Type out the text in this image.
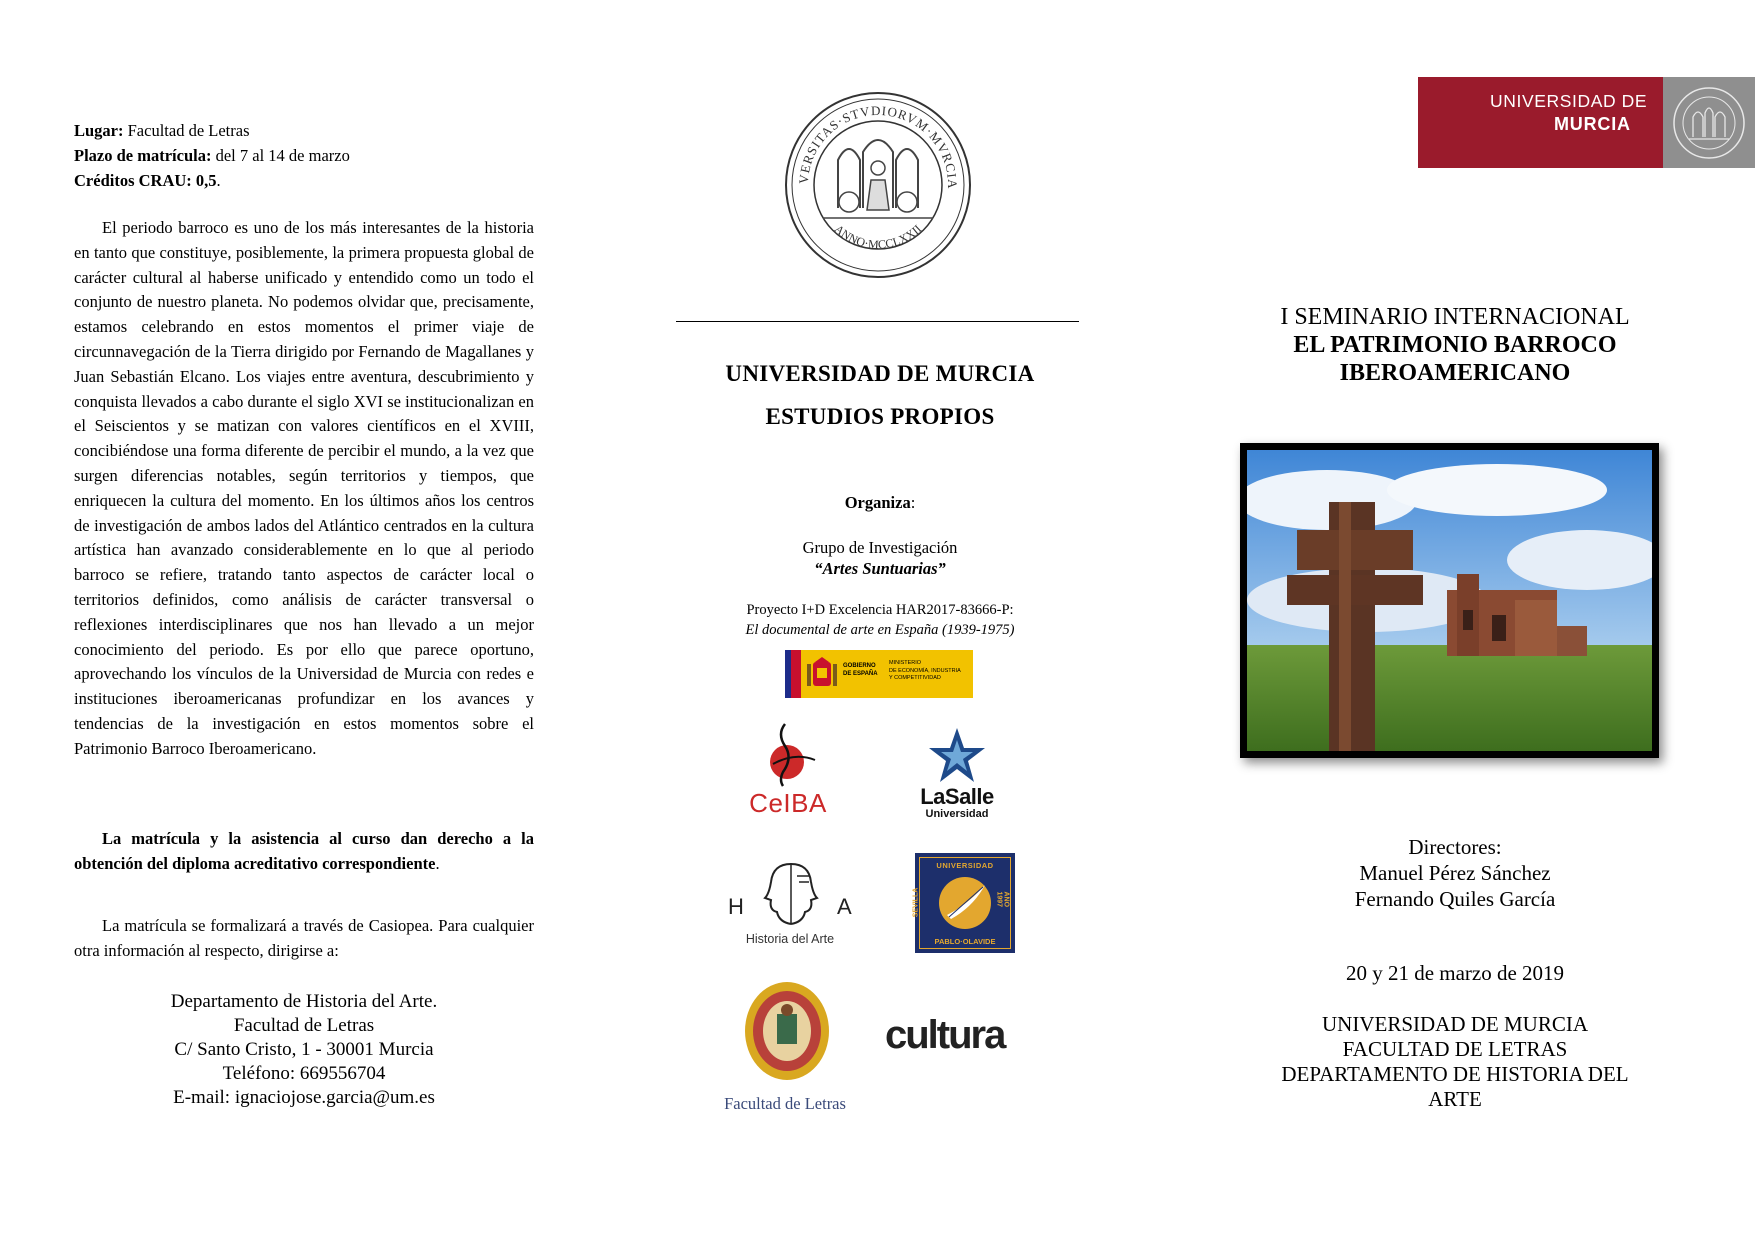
Lugar: Facultad de Letras
Plazo de matrícula: del 7 al 14 de marzo
Créditos CRAU: 0,5.

El periodo barroco es uno de los más interesantes de la historia en tanto que constituye, posiblemente, la primera propuesta global de carácter cultural al haberse unificado y entendido como un todo el conjunto de nuestro planeta. No podemos olvidar que, precisamente, estamos celebrando en estos momentos el primer viaje de circunnavegación de la Tierra dirigido por Fernando de Magallanes y Juan Sebastián Elcano. Los viajes entre aventura, descubrimiento y conquista llevados a cabo durante el siglo XVI se institucionalizan en el Seiscientos y se matizan con valores científicos en el XVIII, concibiéndose una forma diferente de percibir el mundo, a la vez que surgen diferencias notables, según territorios y tiempos, que enriquecen la cultura del momento. En los últimos años los centros de investigación de ambos lados del Atlántico centrados en la cultura artística han avanzado considerablemente en lo que al periodo barroco se refiere, tratando tanto aspectos de carácter local o territorios definidos, como análisis de carácter transversal o reflexiones interdisciplinares que nos han llevado a un mejor conocimiento del periodo. Es por ello que parece oportuno, aprovechando los vínculos de la Universidad de Murcia con redes e instituciones iberoamericanas profundizar en los avances y tendencias de la investigación en estos momentos sobre el Patrimonio Barroco Iberoamericano.

La matrícula y la asistencia al curso dan derecho a la obtención del diploma acreditativo correspondiente.

La matrícula se formalizará a través de Casiopea. Para cualquier otra información al respecto, dirigirse a:

Departamento de Historia del Arte.
Facultad de Letras
C/ Santo Cristo, 1 - 30001 Murcia
Teléfono: 669556704
E-mail: ignaciojose.garcia@um.es
VERSITAS·STVDIORVM·MVRCIA
ANNO·MCCLXXII
UNIVERSIDAD DE MURCIA
ESTUDIOS PROPIOS
Organiza:
Grupo de Investigación
“Artes Suntuarias”
Proyecto I+D Excelencia HAR2017-83666-P:
El documental de arte en España (1939-1975)
GOBIERNO
DE ESPAÑA
MINISTERIO
DE ECONOMÍA, INDUSTRIA
Y COMPETITIVIDAD
CeIBA	LaSalle
Universidad
H	A
Historia del Arte
UNIVERSIDAD
SEVILLA	AÑO 1997
PABLO·OLAVIDE
Facultad de Letras
cultura
UNIVERSIDAD DE
MURCIA
I SEMINARIO INTERNACIONAL
EL PATRIMONIO BARROCO
IBEROAMERICANO
Directores:
Manuel Pérez Sánchez
Fernando Quiles García
20 y 21 de marzo de 2019
UNIVERSIDAD DE MURCIA
FACULTAD DE LETRAS
DEPARTAMENTO DE HISTORIA DEL
ARTE
